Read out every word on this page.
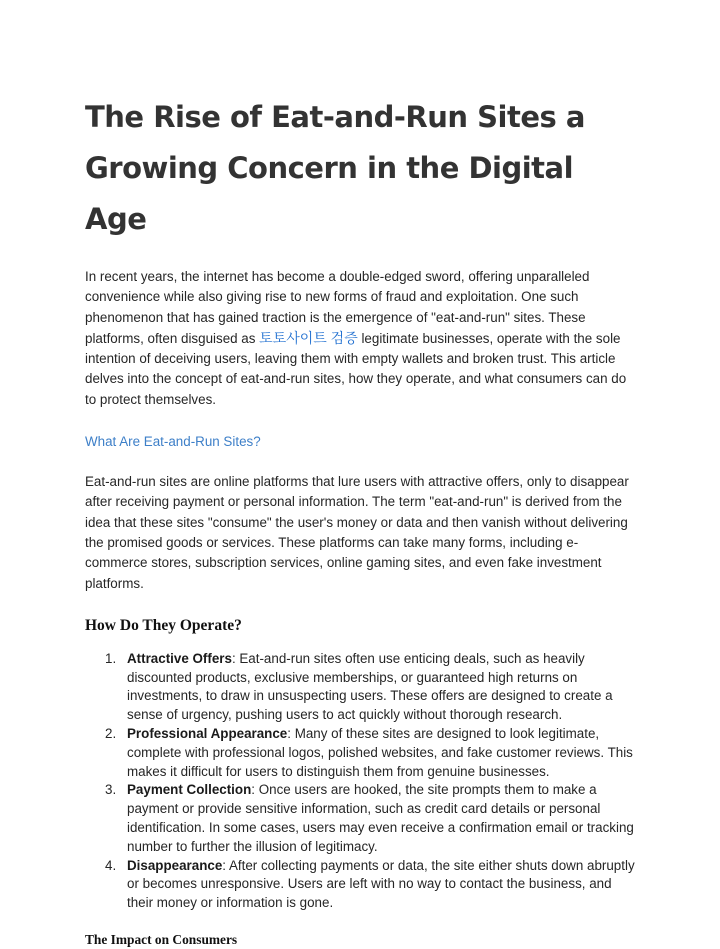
The Rise of Eat-and-Run Sites a Growing Concern in the Digital Age

In recent years, the internet has become a double-edged sword, offering unparalleled convenience while also giving rise to new forms of fraud and exploitation. One such phenomenon that has gained traction is the emergence of "eat-and-run" sites. These platforms, often disguised as 토토사이트 검증 legitimate businesses, operate with the sole intention of deceiving users, leaving them with empty wallets and broken trust. This article delves into the concept of eat-and-run sites, how they operate, and what consumers can do to protect themselves.

What Are Eat-and-Run Sites?

Eat-and-run sites are online platforms that lure users with attractive offers, only to disappear after receiving payment or personal information. The term "eat-and-run" is derived from the idea that these sites "consume" the user's money or data and then vanish without delivering the promised goods or services. These platforms can take many forms, including e-commerce stores, subscription services, online gaming sites, and even fake investment platforms.

How Do They Operate?
1. Attractive Offers: Eat-and-run sites often use enticing deals, such as heavily discounted products, exclusive memberships, or guaranteed high returns on investments, to draw in unsuspecting users. These offers are designed to create a sense of urgency, pushing users to act quickly without thorough research.
2. Professional Appearance: Many of these sites are designed to look legitimate, complete with professional logos, polished websites, and fake customer reviews. This makes it difficult for users to distinguish them from genuine businesses.
3. Payment Collection: Once users are hooked, the site prompts them to make a payment or provide sensitive information, such as credit card details or personal identification. In some cases, users may even receive a confirmation email or tracking number to further the illusion of legitimacy.
4. Disappearance: After collecting payments or data, the site either shuts down abruptly or becomes unresponsive. Users are left with no way to contact the business, and their money or information is gone.
The Impact on Consumers
